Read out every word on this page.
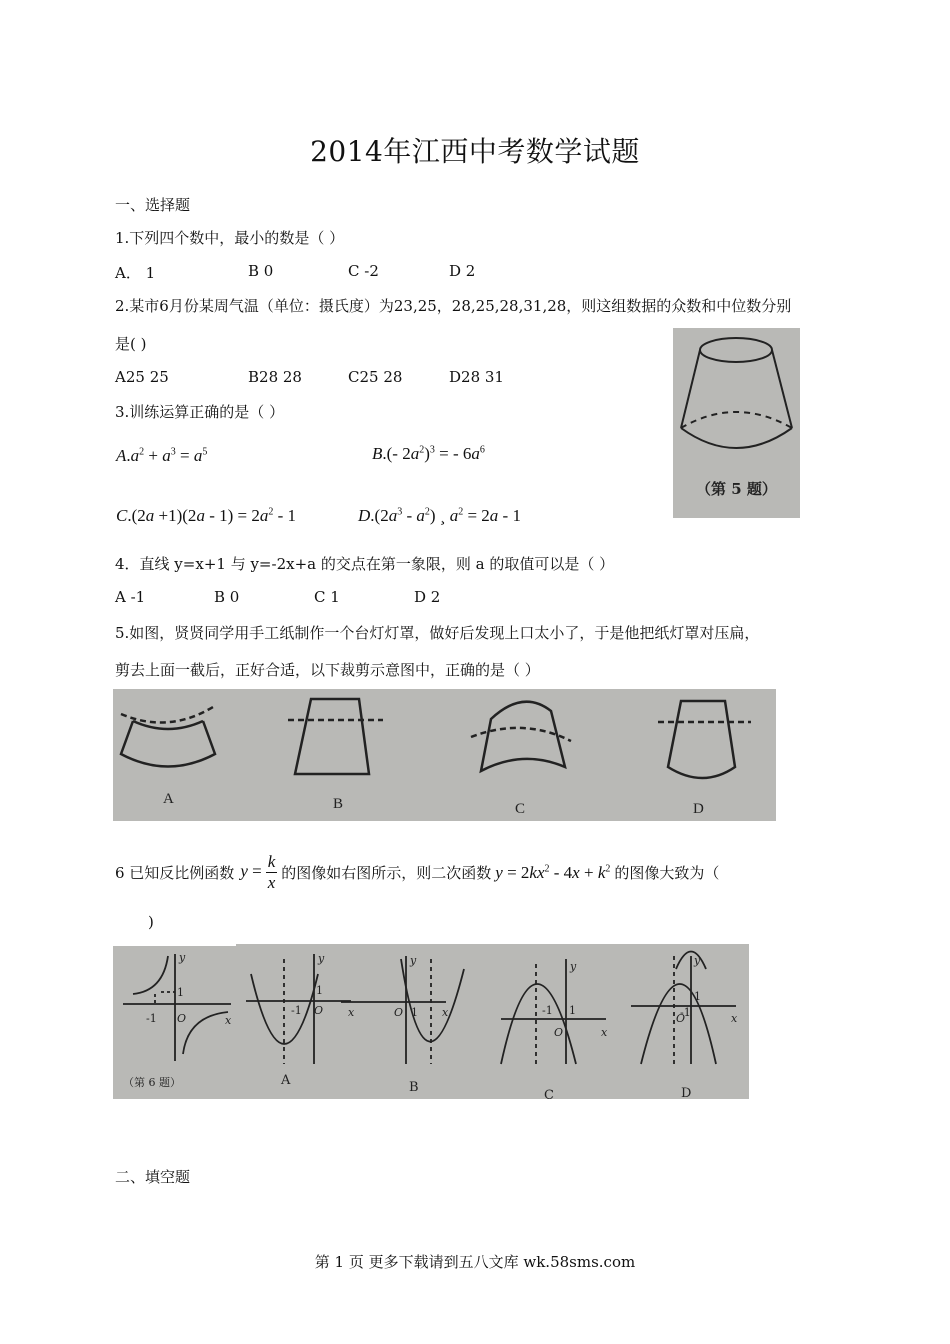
2014年江西中考数学试题
一、选择题
1.下列四个数中，最小的数是（ ）
A． 1	B 0	C -2	D 2
2.某市6月份某周气温（单位：摄氏度）为23,25，28,25,28,31,28，则这组数据的众数和中位数分别
是( )
A25 25	B28 28	C25 28	D28 31
（第 5 题）
3.训练运算正确的是（ ）
$A.a^2 + a^3 = a^5$	B.(- $2a^2)^3$ = - $6a^6$
$C.(2a +1)(2a - 1) = 2a^2 - 1$	$D.(2a^3 - a^2)$ ¸ $a^2 = 2a - 1$
4．直线 y=x+1 与 y=-2x+a 的交点在第一象限，则 a 的取值可以是（ ）
A -1	B 0	C 1	D 2
5.如图，贤贤同学用手工纸制作一个台灯灯罩，做好后发现上口太小了，于是他把纸灯罩对压扁，
剪去上面一截后，正好合适，以下裁剪示意图中，正确的是（ ）
A	B	C	D
6 已知反比例函数 $y = \frac{k}{x}$ 的图像如右图所示，则二次函数 $y = 2kx^2 - 4x + k^2$ 的图像大致为（
)
y
x
O
-1
1
（第 6 题）
y
x
O
-1
1
y
x
O 1
y
x
O
-1 1
y
x
O
1
-1
A	B
C	D
二、填空题
第 1 页 更多下载请到五八文库 wk.58sms.com
